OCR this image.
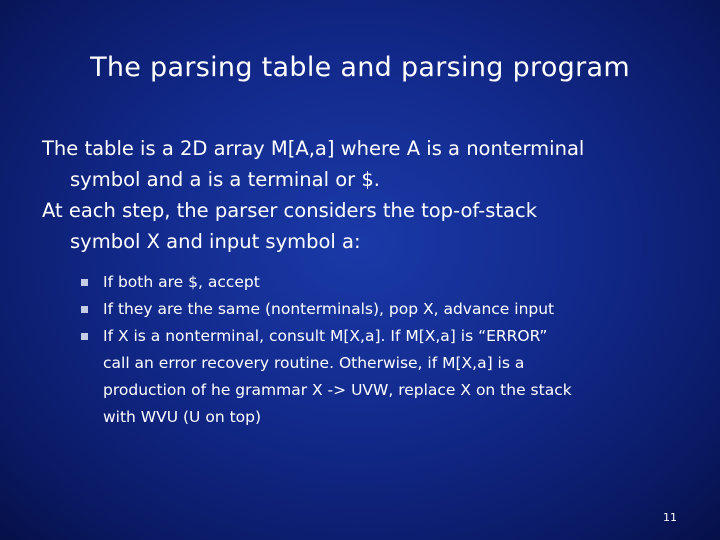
The parsing table and parsing program
The table is a 2D array M[A,a] where A is a nonterminal
symbol and a is a terminal or $.
At each step, the parser considers the top-of-stack
symbol X and input symbol a:
If both are $, accept
If they are the same (nonterminals), pop X, advance input
If X is a nonterminal, consult M[X,a]. If M[X,a] is “ERROR”
call an error recovery routine. Otherwise, if M[X,a] is a
production of he grammar X -> UVW, replace X on the stack
with WVU (U on top)
11
